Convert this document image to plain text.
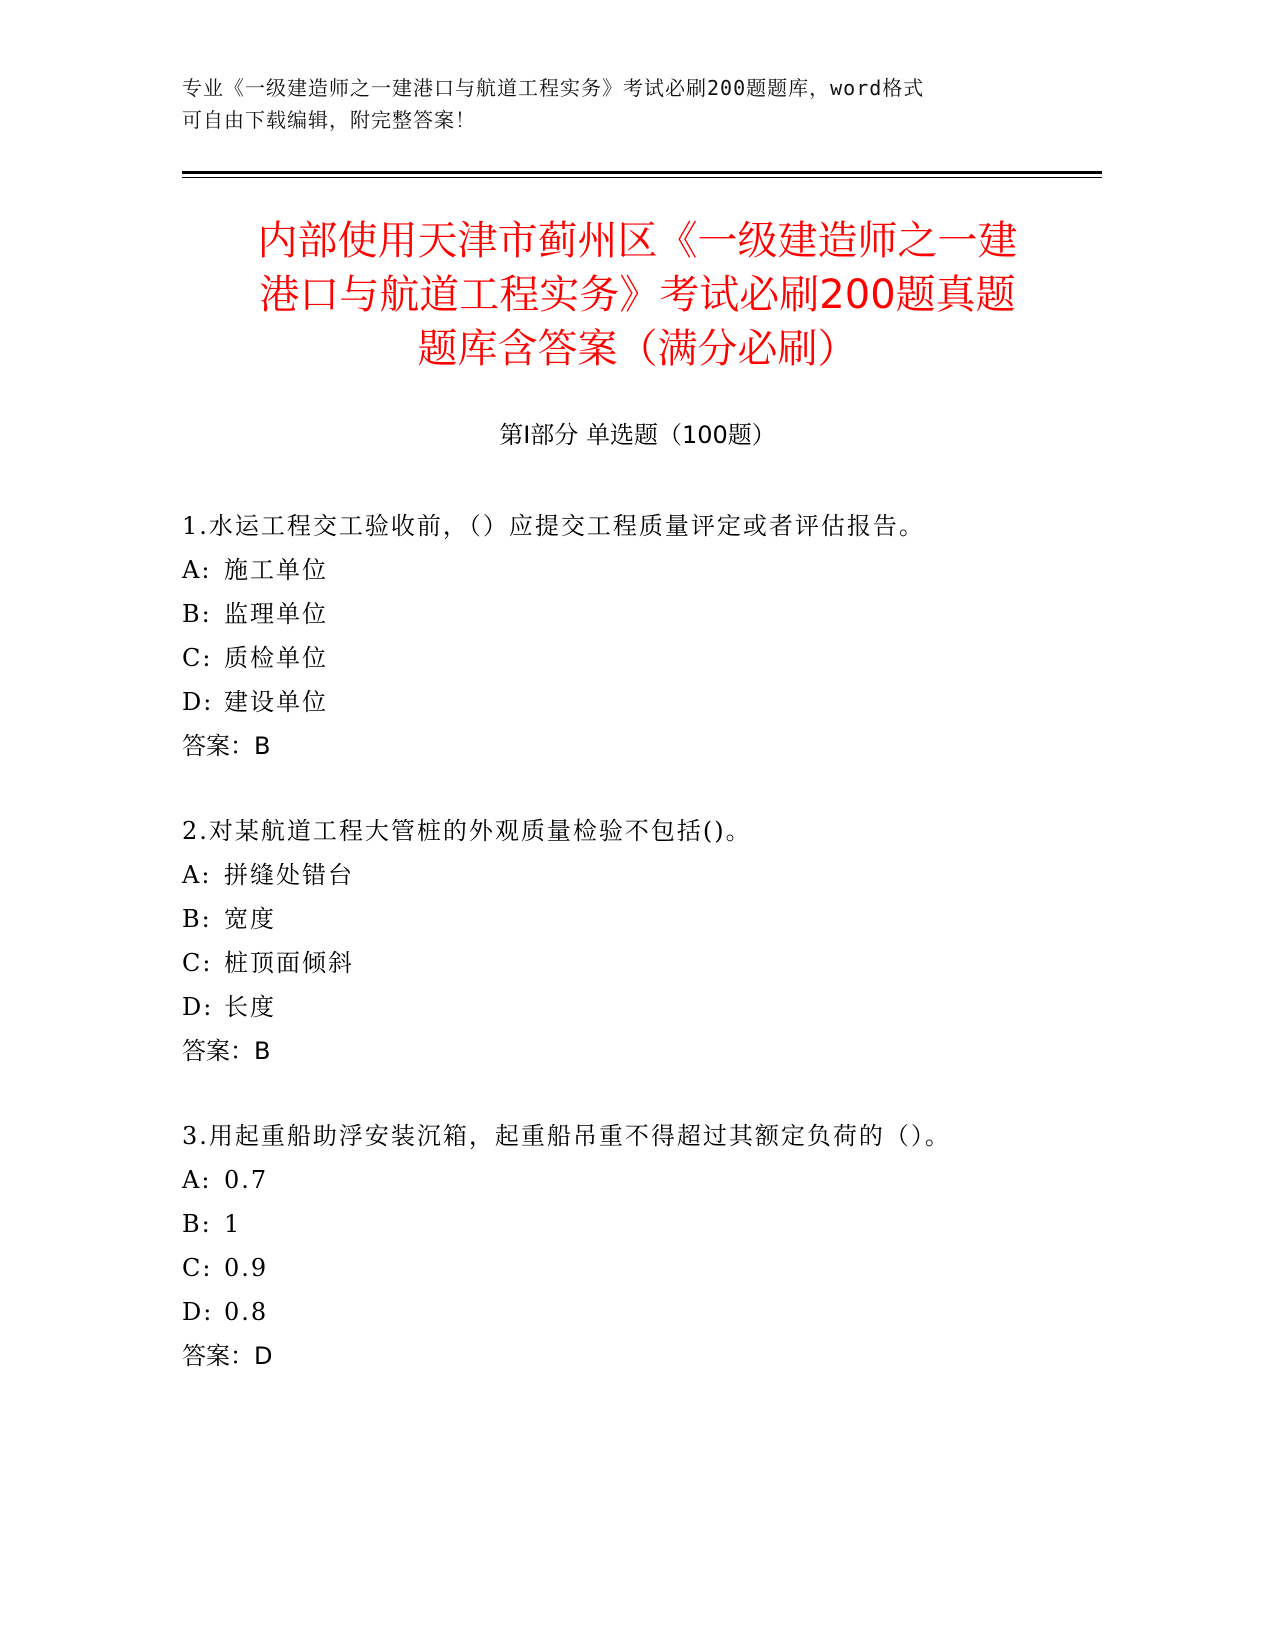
专业《一级建造师之一建港口与航道工程实务》考试必刷200题题库，word格式
可自由下载编辑，附完整答案！
内部使用天津市蓟州区《一级建造师之一建
港口与航道工程实务》考试必刷200题真题
题库含答案（满分必刷）
第Ⅰ部分 单选题（100题）
1.水运工程交工验收前，（）应提交工程质量评定或者评估报告。
A: 施工单位
B: 监理单位
C: 质检单位
D: 建设单位
答案：B
2.对某航道工程大管桩的外观质量检验不包括()。
A: 拼缝处错台
B: 宽度
C: 桩顶面倾斜
D: 长度
答案：B
3.用起重船助浮安装沉箱，起重船吊重不得超过其额定负荷的（）。
A: 0.7
B: 1
C: 0.9
D: 0.8
答案：D
